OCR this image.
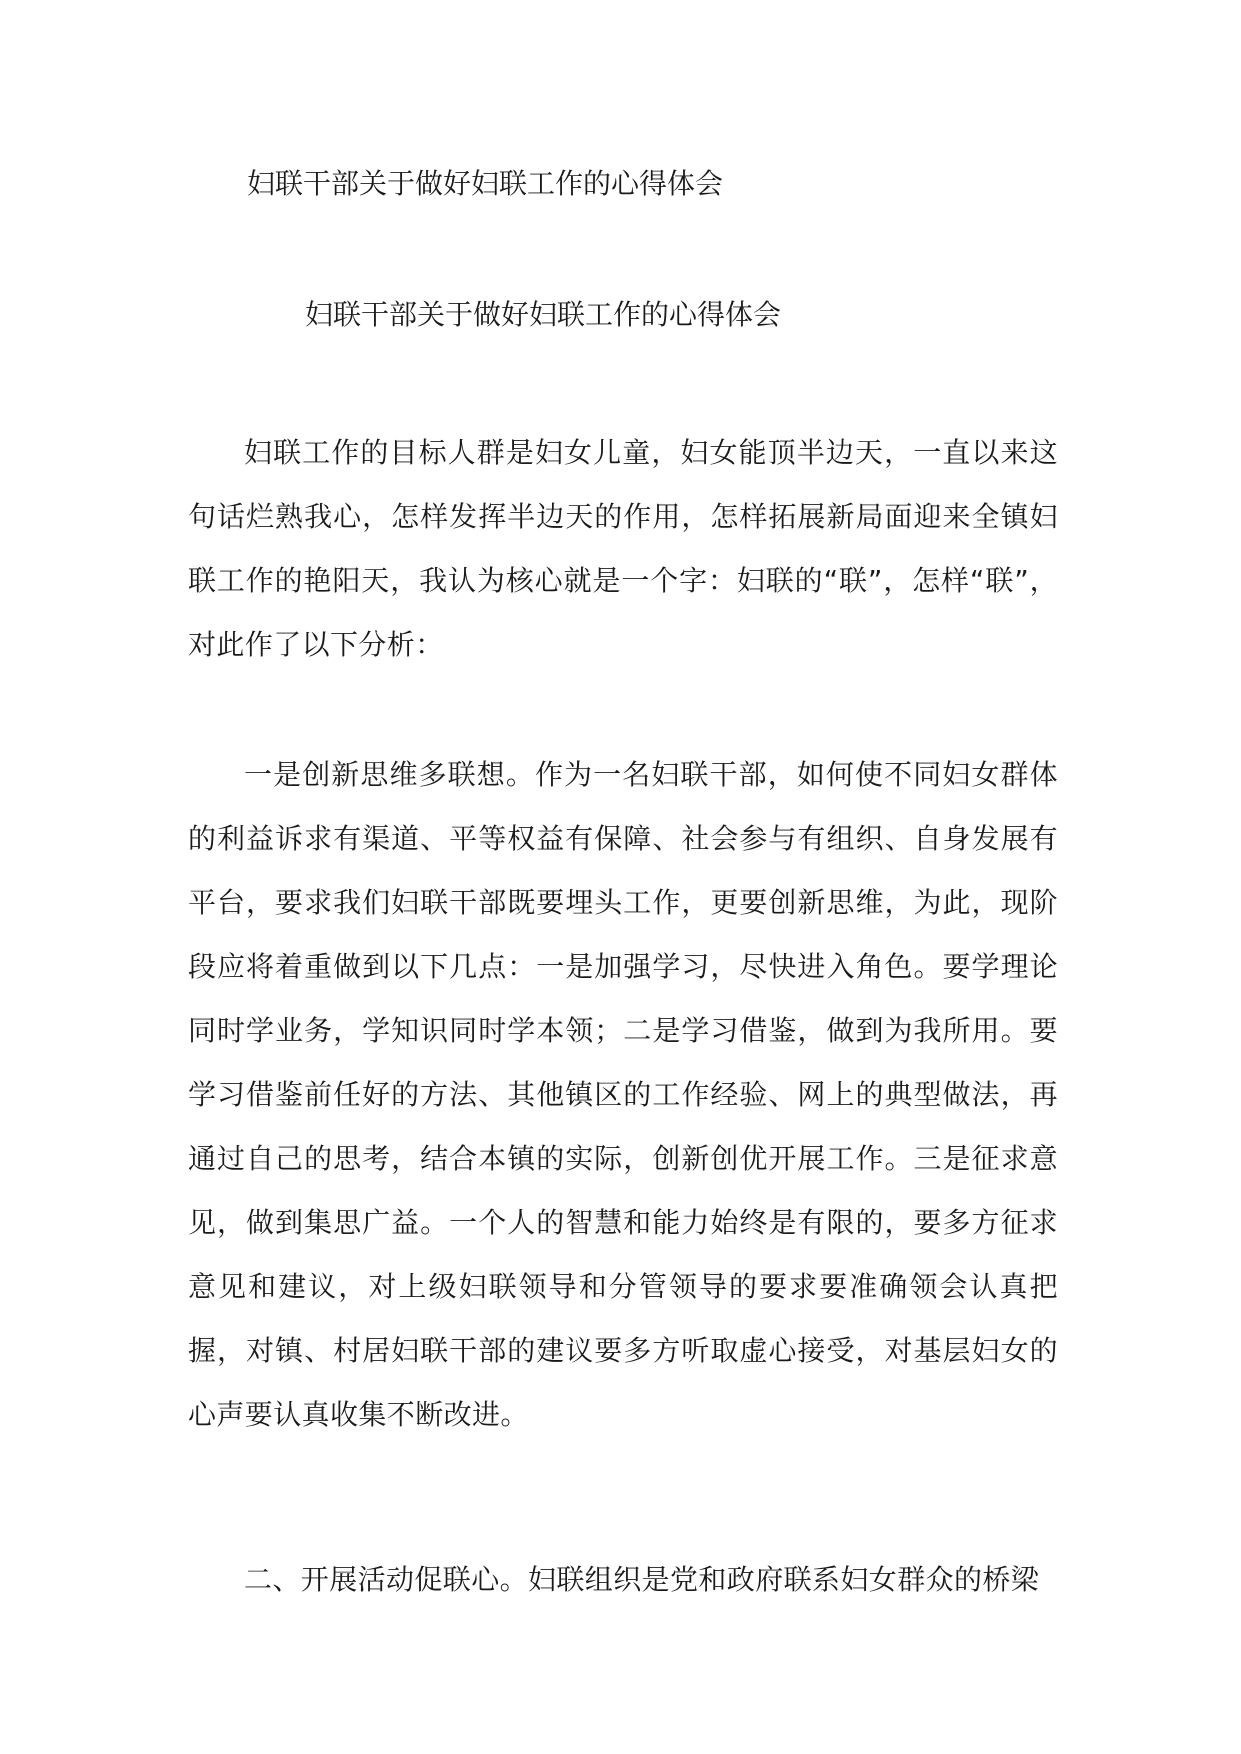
妇联干部关于做好妇联工作的心得体会
妇联干部关于做好妇联工作的心得体会

妇联工作的目标人群是妇女儿童，妇女能顶半边天，一直以来这句话烂熟我心，怎样发挥半边天的作用，怎样拓展新局面迎来全镇妇联工作的艳阳天，我认为核心就是一个字：妇联的“联”，怎样“联”，对此作了以下分析：

一是创新思维多联想。作为一名妇联干部，如何使不同妇女群体的利益诉求有渠道、平等权益有保障、社会参与有组织、自身发展有平台，要求我们妇联干部既要埋头工作，更要创新思维，为此，现阶段应将着重做到以下几点：一是加强学习，尽快进入角色。要学理论同时学业务，学知识同时学本领；二是学习借鉴，做到为我所用。要学习借鉴前任好的方法、其他镇区的工作经验、网上的典型做法，再通过自己的思考，结合本镇的实际，创新创优开展工作。三是征求意见，做到集思广益。一个人的智慧和能力始终是有限的，要多方征求意见和建议，对上级妇联领导和分管领导的要求要准确领会认真把握，对镇、村居妇联干部的建议要多方听取虚心接受，对基层妇女的心声要认真收集不断改进。

二、开展活动促联心。妇联组织是党和政府联系妇女群众的桥梁
